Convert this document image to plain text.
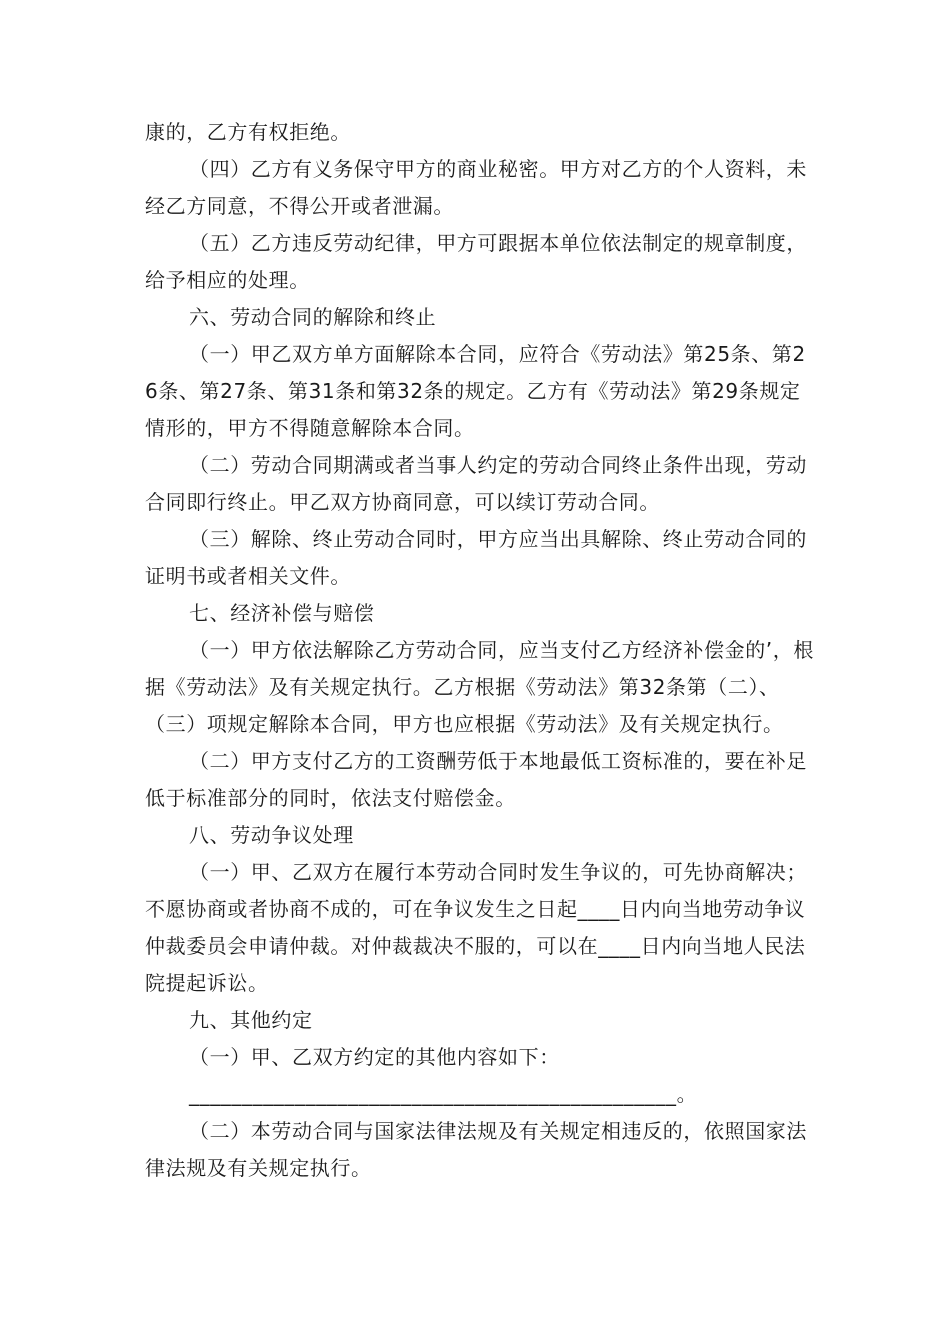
康的，乙方有权拒绝。

（四）乙方有义务保守甲方的商业秘密。甲方对乙方的个人资料，未经乙方同意，不得公开或者泄漏。

（五）乙方违反劳动纪律，甲方可跟据本单位依法制定的规章制度，给予相应的处理。

六、劳动合同的解除和终止

（一）甲乙双方单方面解除本合同，应符合《劳动法》第25条、第26条、第27条、第31条和第32条的规定。乙方有《劳动法》第29条规定情形的，甲方不得随意解除本合同。

（二）劳动合同期满或者当事人约定的劳动合同终止条件出现，劳动合同即行终止。甲乙双方协商同意，可以续订劳动合同。

（三）解除、终止劳动合同时，甲方应当出具解除、终止劳动合同的证明书或者相关文件。

七、经济补偿与赔偿

（一）甲方依法解除乙方劳动合同，应当支付乙方经济补偿金的’，根据《劳动法》及有关规定执行。乙方根据《劳动法》第32条第（二）、（三）项规定解除本合同，甲方也应根据《劳动法》及有关规定执行。

（二）甲方支付乙方的工资酬劳低于本地最低工资标准的，要在补足低于标准部分的同时，依法支付赔偿金。

八、劳动争议处理

（一）甲、乙双方在履行本劳动合同时发生争议的，可先协商解决；不愿协商或者协商不成的，可在争议发生之日起____日内向当地劳动争议仲裁委员会申请仲裁。对仲裁裁决不服的，可以在____日内向当地人民法院提起诉讼。

九、其他约定

（一）甲、乙双方约定的其他内容如下：

______________________________________________。

（二）本劳动合同与国家法律法规及有关规定相违反的，依照国家法律法规及有关规定执行。
